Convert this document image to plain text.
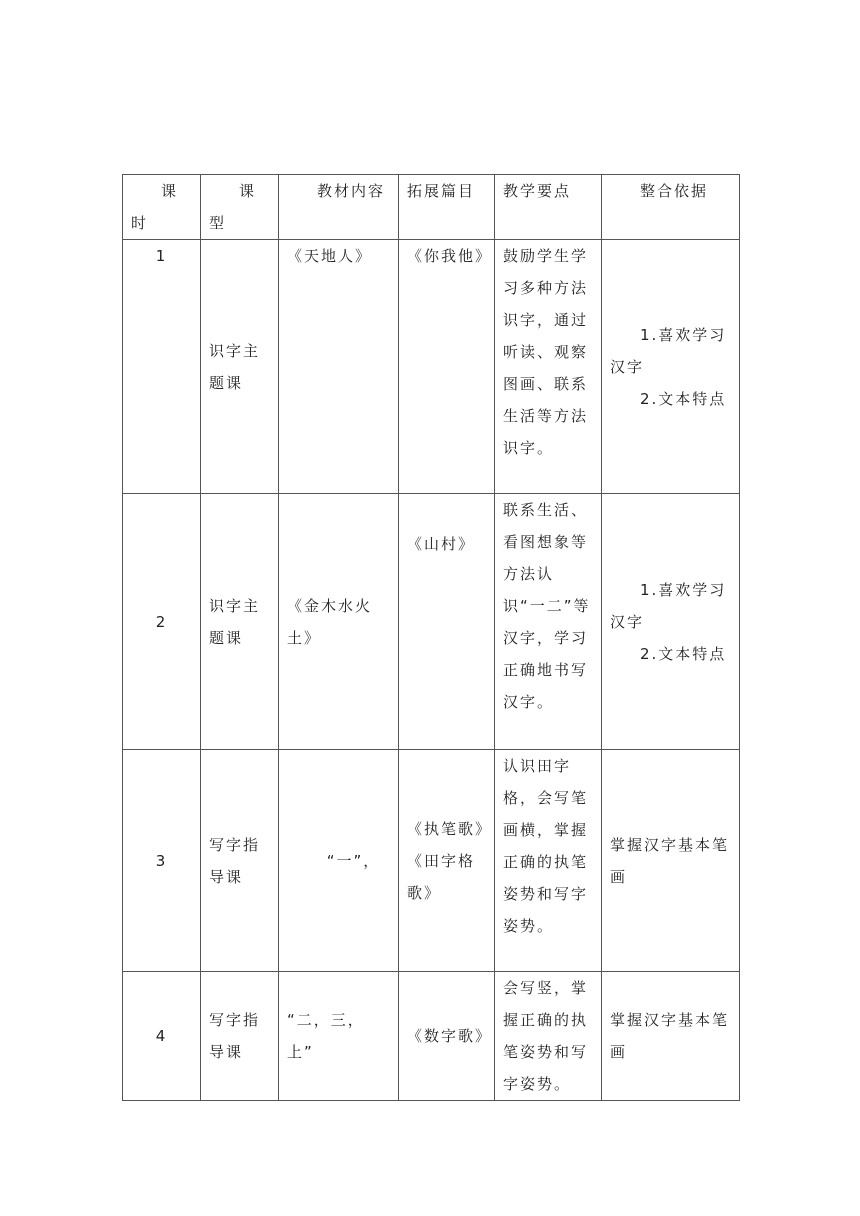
课时	课型	教材内容	拓展篇目	教学要点	整合依据
1	识字主题课	《天地人》	《你我他》	鼓励学生学习多种方法识字，通过听读、观察图画、联系生活等方法识字。	1.喜欢学习汉字
2.文本特点

2	识字主题课	《金木水火土》	《山村》	联系生活、看图想象等方法认识“一二”等汉字，学习正确地书写汉字。	1.喜欢学习汉字
2.文本特点

3	写字指导课	“一”，	《执笔歌》《田字格歌》	认识田字格，会写笔画横，掌握正确的执笔姿势和写字姿势。	掌握汉字基本笔画
4	写字指导课	“二，三，上”	《数字歌》	会写竖，掌握正确的执笔姿势和写字姿势。	掌握汉字基本笔画
